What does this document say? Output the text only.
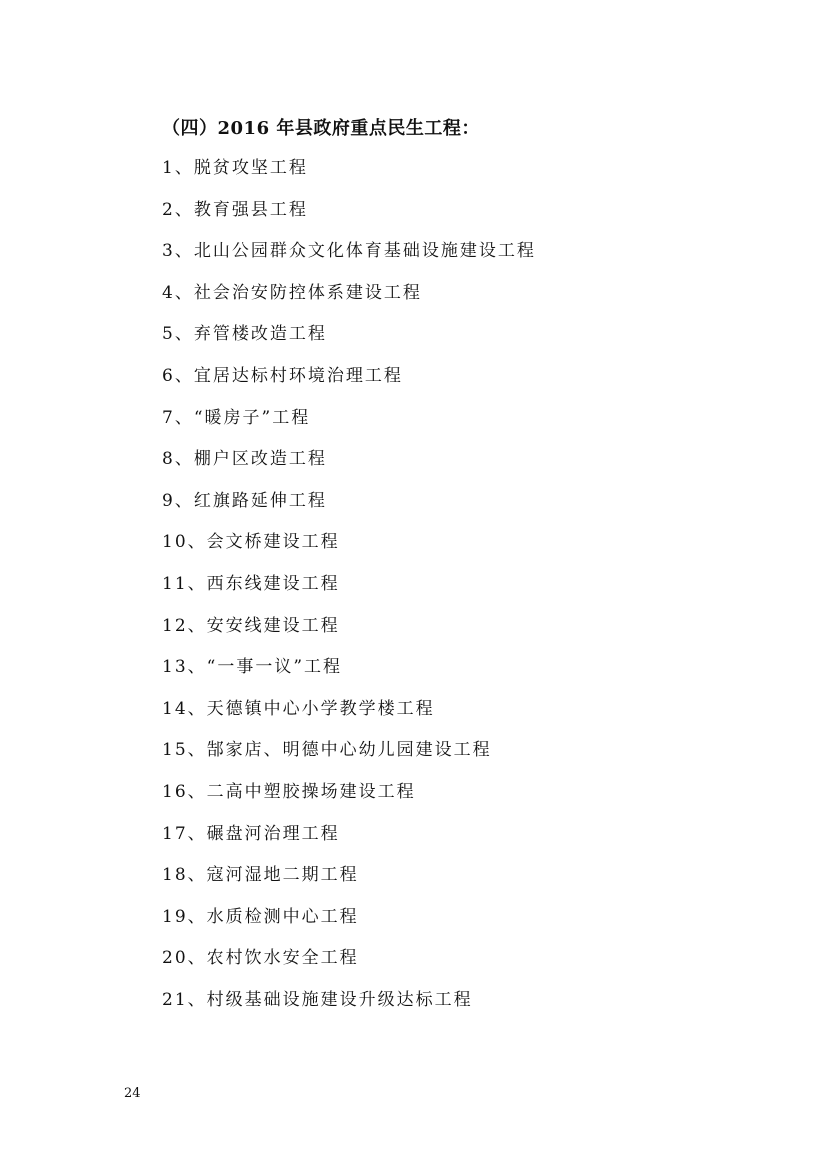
（四）2016 年县政府重点民生工程：
1、脱贫攻坚工程
2、教育强县工程
3、北山公园群众文化体育基础设施建设工程
4、社会治安防控体系建设工程
5、弃管楼改造工程
6、宜居达标村环境治理工程
7、“暖房子”工程
8、棚户区改造工程
9、红旗路延伸工程
10、会文桥建设工程
11、西东线建设工程
12、安安线建设工程
13、“一事一议”工程
14、天德镇中心小学教学楼工程
15、郜家店、明德中心幼儿园建设工程
16、二高中塑胶操场建设工程
17、碾盘河治理工程
18、寇河湿地二期工程
19、水质检测中心工程
20、农村饮水安全工程
21、村级基础设施建设升级达标工程
24
